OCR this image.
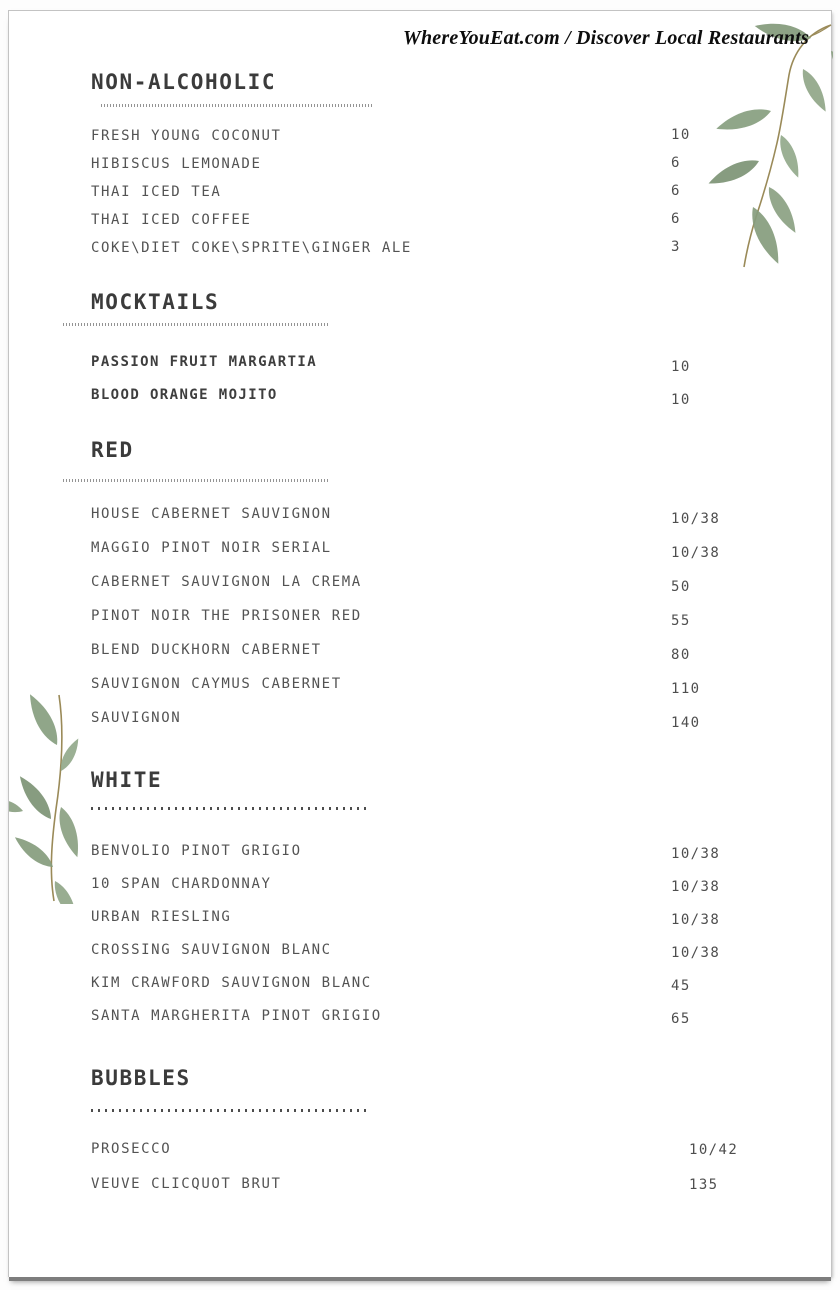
WhereYouEat.com / Discover Local Restaurants
NON-ALCOHOLIC
FRESH YOUNG COCONUT	10
HIBISCUS LEMONADE	6
THAI ICED TEA	6
THAI ICED COFFEE	6
COKE\DIET COKE\SPRITE\GINGER ALE	3
MOCKTAILS
PASSION FRUIT MARGARTIA	10
BLOOD ORANGE MOJITO	10
RED
HOUSE CABERNET SAUVIGNON	10/38
MAGGIO PINOT NOIR SERIAL	10/38
CABERNET SAUVIGNON LA CREMA	50
PINOT NOIR THE PRISONER RED	55
BLEND DUCKHORN CABERNET	80
SAUVIGNON CAYMUS CABERNET	110
SAUVIGNON	140
WHITE
BENVOLIO PINOT GRIGIO	10/38
10 SPAN CHARDONNAY	10/38
URBAN RIESLING	10/38
CROSSING SAUVIGNON BLANC	10/38
KIM CRAWFORD SAUVIGNON BLANC	45
SANTA MARGHERITA PINOT GRIGIO	65
BUBBLES
PROSECCO	10/42
VEUVE CLICQUOT BRUT	135
